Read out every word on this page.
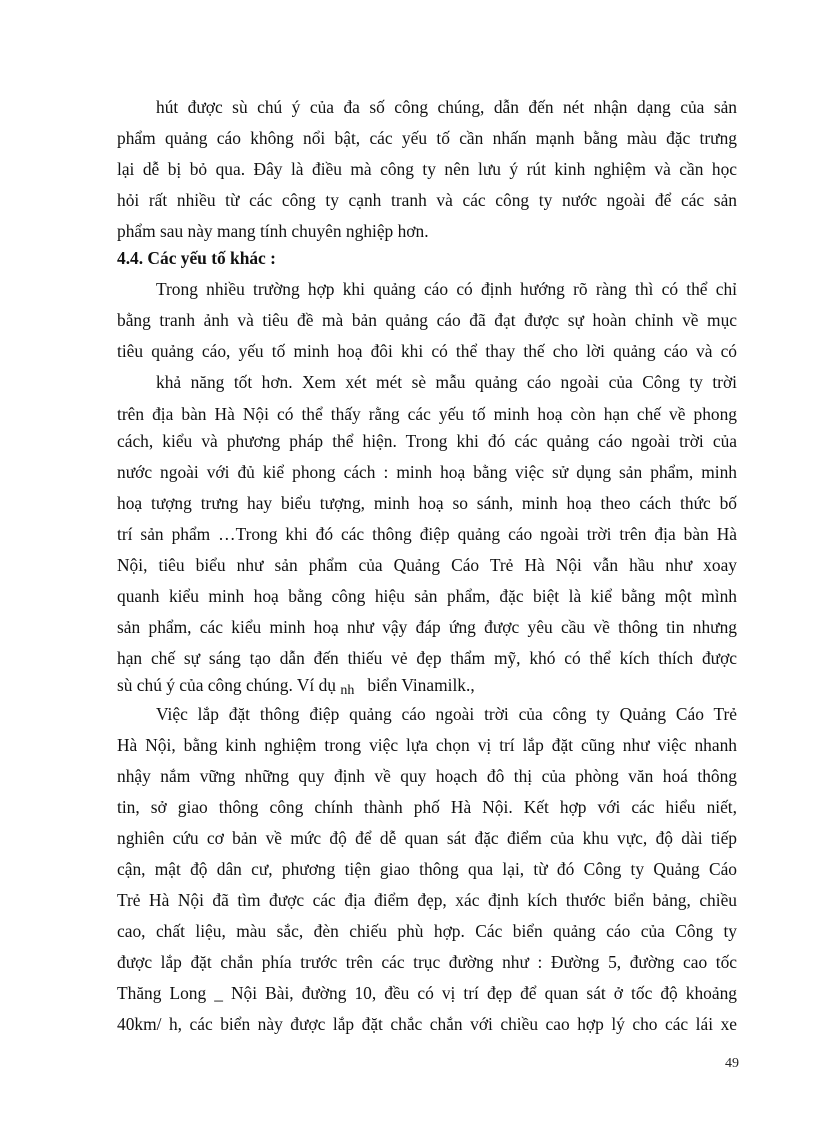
hút được sù chú ý của đa số công chúng, dẫn đến nét nhận dạng của sản
phẩm quảng cáo không nổi bật, các yếu tố cần nhấn mạnh bằng màu đặc trưng
lại dễ bị bỏ qua. Đây là điều mà công ty nên lưu ý rút kinh nghiệm và cần học
hỏi rất nhiều từ các công ty cạnh tranh và các công ty nước ngoài để các sản
phẩm sau này mang tính chuyên nghiệp hơn.
4.4. Các yếu tố khác :
Trong nhiều trường hợp khi quảng cáo có định hướng rõ ràng thì có thể chỉ
bằng tranh ảnh và tiêu đề mà bản quảng cáo đã đạt được sự hoàn chỉnh về mục
tiêu quảng cáo, yếu tố minh hoạ đôi khi có thể thay thế cho lời quảng cáo và có
khả năng tốt hơn. Xem xét mét sè mẫu quảng cáo ngoài của Công ty trời
trên địa bàn Hà Nội có thể thấy rằng các yếu tố minh hoạ còn hạn chế về phong
cách, kiểu và phương pháp thể hiện. Trong khi đó các quảng cáo ngoài trời của
nước ngoài với đủ kiể phong cách : minh hoạ bằng việc sử dụng sản phẩm, minh
hoạ tượng trưng hay biểu tượng, minh hoạ so sánh, minh hoạ theo cách thức bố
trí sản phẩm …Trong khi đó các thông điệp quảng cáo ngoài trời trên địa bàn Hà
Nội, tiêu biểu như sản phẩm của Quảng Cáo Trẻ Hà Nội vẫn hầu như xoay
quanh kiểu minh hoạ bằng công hiệu sản phẩm, đặc biệt là kiể bằng một mình
sản phẩm, các kiểu minh hoạ như vậy đáp ứng được yêu cầu về thông tin nhưng
hạn chế sự sáng tạo dẫn đến thiếu vẻ đẹp thẩm mỹ, khó có thể kích thích được
sù chú ý của công chúng. Ví dụ nh   biển Vinamilk.,
Việc lắp đặt thông điệp quảng cáo ngoài trời của công ty Quảng Cáo Trẻ
Hà Nội, bằng kinh nghiệm trong việc lựa chọn vị trí lắp đặt cũng như việc nhanh
nhậy nắm vững những quy định về quy hoạch đô thị của phòng văn hoá thông
tin, sở giao thông công chính thành phố Hà Nội. Kết hợp với các hiểu niết,
nghiên cứu cơ bản về mức độ để dễ quan sát đặc điểm của khu vực, độ dài tiếp
cận, mật độ dân cư, phương tiện giao thông qua lại, từ đó Công ty Quảng Cáo
Trẻ Hà Nội đã tìm được các địa điểm đẹp, xác định kích thước biển bảng, chiều
cao, chất liệu, màu sắc, đèn chiếu phù hợp. Các biển quảng cáo của Công ty
được lắp đặt chắn phía trước trên các trục đường như : Đường 5, đường cao tốc
Thăng Long _ Nội Bài, đường 10, đều có vị trí đẹp để quan sát ở tốc độ khoảng
40km/ h, các biển này được lắp đặt chắc chắn với chiều cao hợp lý cho các lái xe
49
